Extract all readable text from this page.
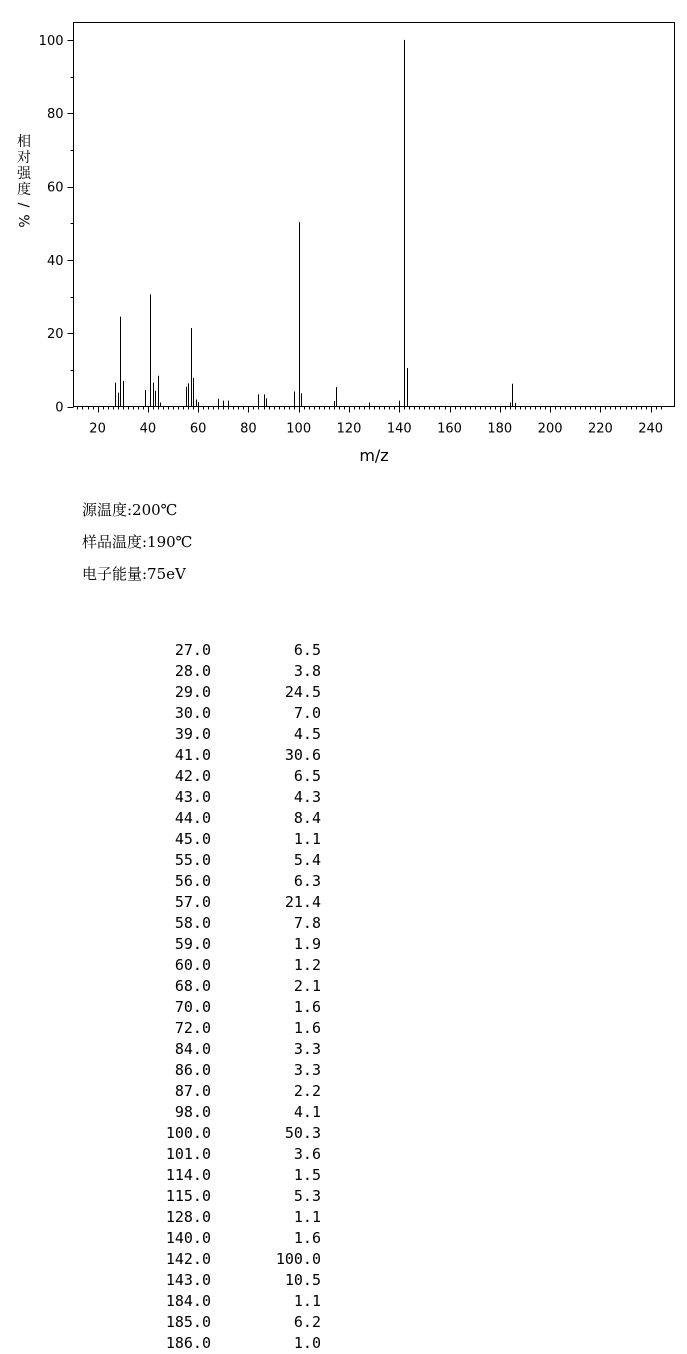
20	40	60	80 100 120 140 160 180 200 220 240
0
20
40
60
80
100
相
对
强
度
/
%
m/z
源温度:200℃
样品温度:190℃
电子能量:75eV
27.0	6.5
28.0	3.8
29.0	24.5
30.0	7.0
39.0	4.5
41.0	30.6
42.0	6.5
43.0	4.3
44.0	8.4
45.0	1.1
55.0	5.4
56.0	6.3
57.0	21.4
58.0	7.8
59.0	1.9
60.0	1.2
68.0	2.1
70.0	1.6
72.0	1.6
84.0	3.3
86.0	3.3
87.0	2.2
98.0	4.1
100.0	50.3
101.0	3.6
114.0	1.5
115.0	5.3
128.0	1.1
140.0	1.6
142.0	100.0
143.0	10.5
184.0	1.1
185.0	6.2
186.0	1.0
